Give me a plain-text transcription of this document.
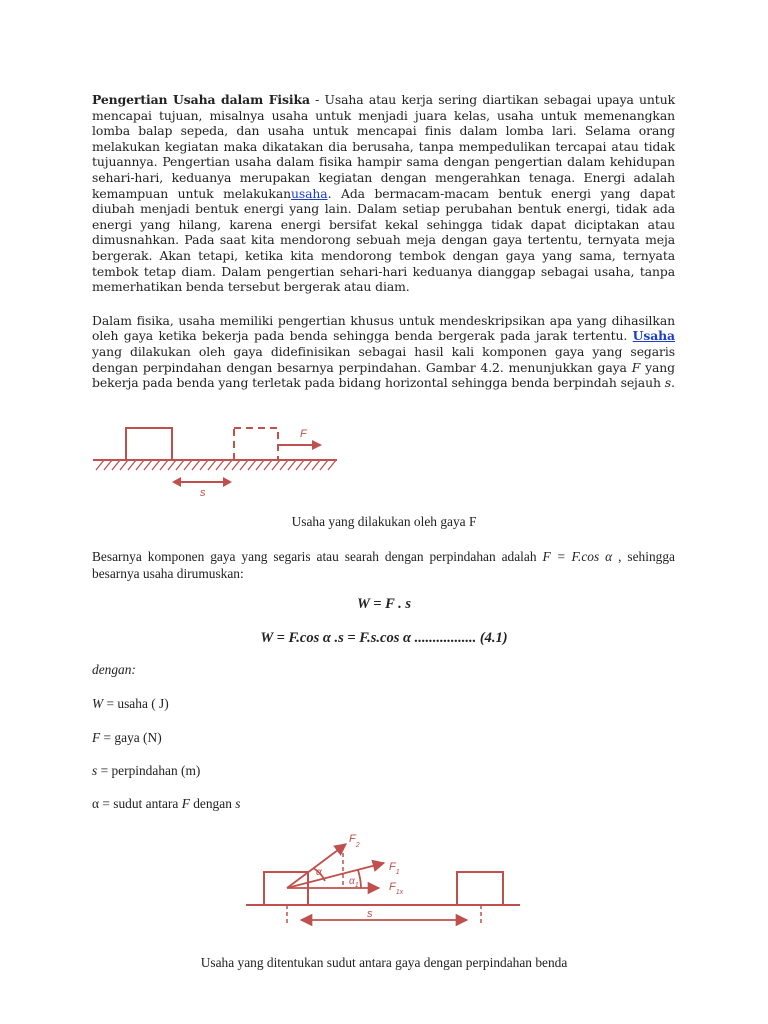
Pengertian Usaha dalam Fisika - Usaha atau kerja sering diartikan sebagai upaya untuk mencapai tujuan, misalnya usaha untuk menjadi juara kelas, usaha untuk memenangkan lomba balap sepeda, dan usaha untuk mencapai finis dalam lomba lari. Selama orang melakukan kegiatan maka dikatakan dia berusaha, tanpa mempedulikan tercapai atau tidak tujuannya. Pengertian usaha dalam fisika hampir sama dengan pengertian dalam kehidupan sehari-hari, keduanya merupakan kegiatan dengan mengerahkan tenaga. Energi adalah kemampuan untuk melakukanusaha. Ada bermacam-macam bentuk energi yang dapat diubah menjadi bentuk energi yang lain. Dalam setiap perubahan bentuk energi, tidak ada energi yang hilang, karena energi bersifat kekal sehingga tidak dapat diciptakan atau dimusnahkan. Pada saat kita mendorong sebuah meja dengan gaya tertentu, ternyata meja bergerak. Akan tetapi, ketika kita mendorong tembok dengan gaya yang sama, ternyata tembok tetap diam. Dalam pengertian sehari-hari keduanya dianggap sebagai usaha, tanpa memerhatikan benda tersebut bergerak atau diam.

Dalam fisika, usaha memiliki pengertian khusus untuk mendeskripsikan apa yang dihasilkan oleh gaya ketika bekerja pada benda sehingga benda bergerak pada jarak tertentu. Usaha yang dilakukan oleh gaya didefinisikan sebagai hasil kali komponen gaya yang segaris dengan perpindahan dengan besarnya perpindahan. Gambar 4.2. menunjukkan gaya F yang bekerja pada benda yang terletak pada bidang horizontal sehingga benda berpindah sejauh s.

F
s
Usaha yang dilakukan oleh gaya F
Besarnya komponen gaya yang segaris atau searah dengan perpindahan adalah F = F.cos α , sehingga besarnya usaha dirumuskan:
W = F . s
W = F.cos α .s = F.s.cos α ................. (4.1)
dengan:
W = usaha ( J)
F = gaya (N)
s = perpindahan (m)
α = sudut antara F dengan s
$F_2$
$F_1$
$F_{1x}$
α
$\alpha_1$
s
Usaha yang ditentukan sudut antara gaya dengan perpindahan benda
